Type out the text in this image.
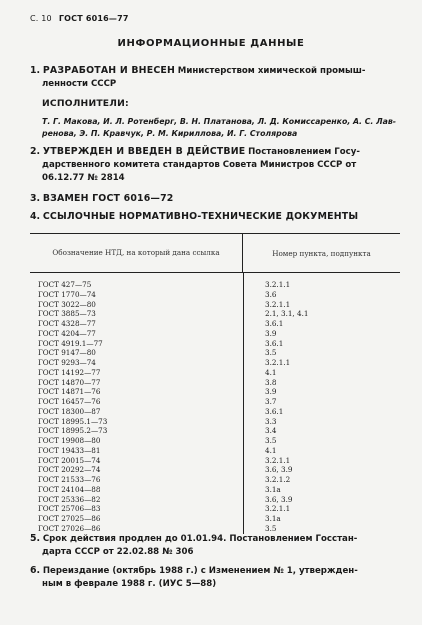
С. 10 ГОСТ 6016—77
ИНФОРМАЦИОННЫЕ ДАННЫЕ
1. РАЗРАБОТАН И ВНЕСЕН Министерством химической промыш-
ленности СССР
ИСПОЛНИТЕЛИ:
Т. Г. Макова, И. Л. Ротенберг, В. Н. Платанова, Л. Д. Комиссаренко, А. С. Лав-
ренова, Э. П. Кравчук, Р. М. Кириллова, И. Г. Столярова
2. УТВЕРЖДЕН И ВВЕДЕН В ДЕЙСТВИЕ Постановлением Госу-
дарственного комитета стандартов Совета Министров СССР от
06.12.77 № 2814
3. ВЗАМЕН ГОСТ 6016—72
4. ССЫЛОЧНЫЕ НОРМАТИВНО-ТЕХНИЧЕСКИЕ ДОКУМЕНТЫ
Обозначение НТД, на который дана ссылка	Номер пункта, подпункта
ГОСТ 427—75	3.2.1.1
ГОСТ 1770—74	3.6
ГОСТ 3022—80	3.2.1.1
ГОСТ 3885—73	2.1, 3.1, 4.1
ГОСТ 4328—77	3.6.1
ГОСТ 4204—77	3.9
ГОСТ 4919.1—77	3.6.1
ГОСТ 9147—80	3.5
ГОСТ 9293—74	3.2.1.1
ГОСТ 14192—77	4.1
ГОСТ 14870—77	3.8
ГОСТ 14871—76	3.9
ГОСТ 16457—76	3.7
ГОСТ 18300—87	3.6.1
ГОСТ 18995.1—73	3.3
ГОСТ 18995.2—73	3.4
ГОСТ 19908—80	3.5
ГОСТ 19433—81	4.1
ГОСТ 20015—74	3.2.1.1
ГОСТ 20292—74	3.6, 3.9
ГОСТ 21533—76	3.2.1.2
ГОСТ 24104—88	3.1а
ГОСТ 25336—82	3.6, 3.9
ГОСТ 25706—83	3.2.1.1
ГОСТ 27025—86	3.1а
ГОСТ 27026—86	3.5
5. Срок действия продлен до 01.01.94. Постановлением Госстан-
дарта СССР от 22.02.88 № 306
6. Переиздание (октябрь 1988 г.) с Изменением № 1, утвержден-
ным в феврале 1988 г. (ИУС 5—88)
